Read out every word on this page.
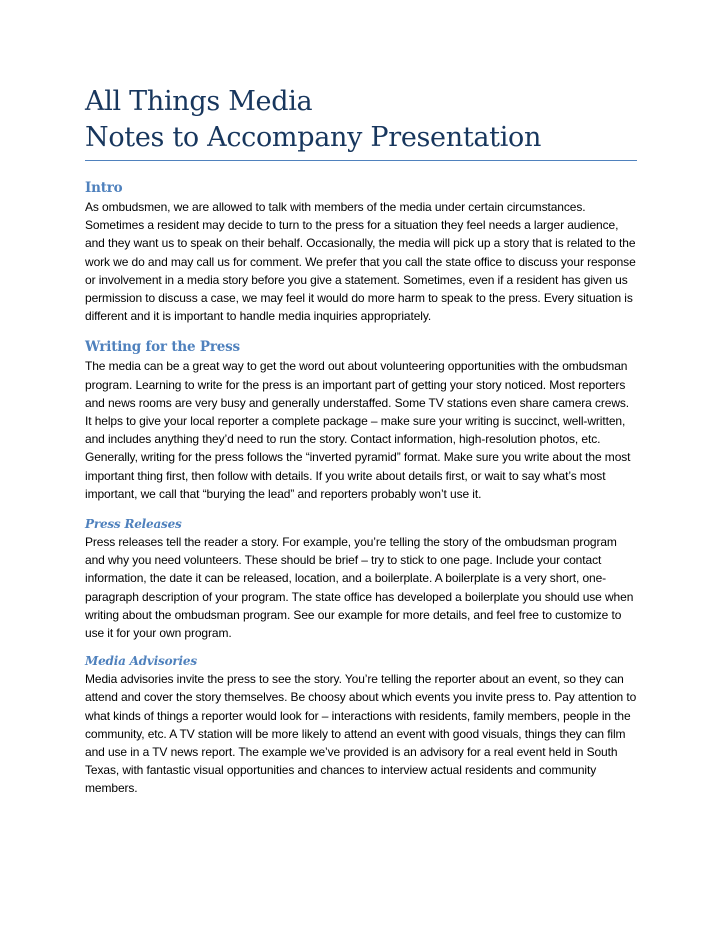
All Things Media
Notes to Accompany Presentation
Intro

As ombudsmen, we are allowed to talk with members of the media under certain circumstances. Sometimes a resident may decide to turn to the press for a situation they feel needs a larger audience, and they want us to speak on their behalf. Occasionally, the media will pick up a story that is related to the work we do and may call us for comment. We prefer that you call the state office to discuss your response or involvement in a media story before you give a statement. Sometimes, even if a resident has given us permission to discuss a case, we may feel it would do more harm to speak to the press. Every situation is different and it is important to handle media inquiries appropriately.

Writing for the Press

The media can be a great way to get the word out about volunteering opportunities with the ombudsman program. Learning to write for the press is an important part of getting your story noticed. Most reporters and news rooms are very busy and generally understaffed. Some TV stations even share camera crews. It helps to give your local reporter a complete package – make sure your writing is succinct, well-written, and includes anything they’d need to run the story. Contact information, high-resolution photos, etc. Generally, writing for the press follows the “inverted pyramid” format. Make sure you write about the most important thing first, then follow with details. If you write about details first, or wait to say what’s most important, we call that “burying the lead” and reporters probably won’t use it.

Press Releases

Press releases tell the reader a story. For example, you’re telling the story of the ombudsman program and why you need volunteers. These should be brief – try to stick to one page. Include your contact information, the date it can be released, location, and a boilerplate. A boilerplate is a very short, one-paragraph description of your program. The state office has developed a boilerplate you should use when writing about the ombudsman program. See our example for more details, and feel free to customize to use it for your own program.

Media Advisories

Media advisories invite the press to see the story. You’re telling the reporter about an event, so they can attend and cover the story themselves. Be choosy about which events you invite press to. Pay attention to what kinds of things a reporter would look for – interactions with residents, family members, people in the community, etc. A TV station will be more likely to attend an event with good visuals, things they can film and use in a TV news report. The example we’ve provided is an advisory for a real event held in South Texas, with fantastic visual opportunities and chances to interview actual residents and community members.
